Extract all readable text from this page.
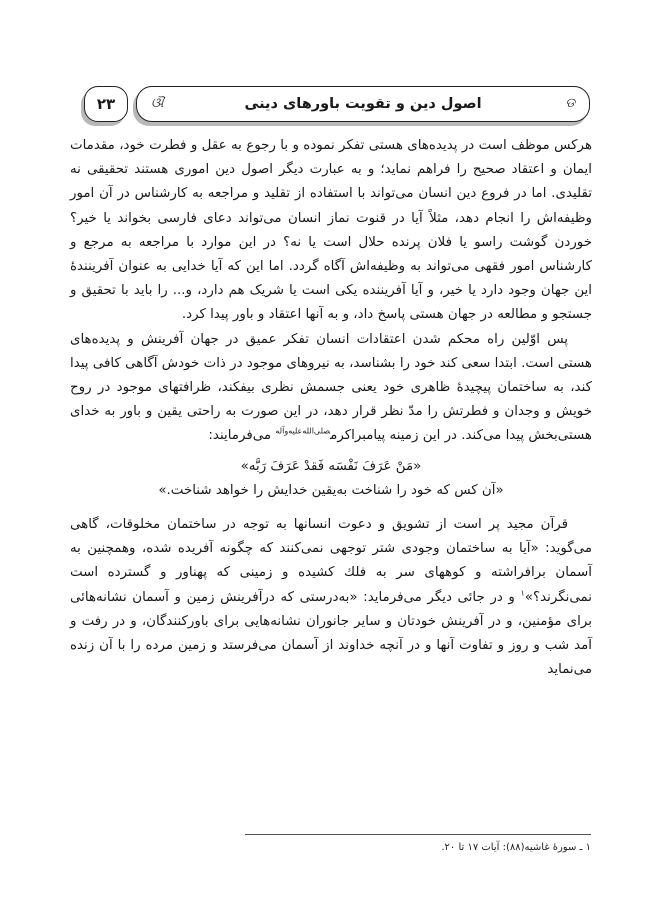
۲۳	ଔ	اصول دین و تقویت باورهای دینی	ଡ

هرکس موظف است در پدیده‌های هستی تفکر نموده و با رجوع به عقل و فطرت خود، مقدمات ایمان و اعتقاد صحیح را فراهم نماید؛ و به عبارت دیگر اصول دین اموری هستند تحقیقی نه تقلیدی. اما در فروع دین انسان می‌تواند با استفاده از تقلید و مراجعه به کارشناس در آن امور وظیفه‌اش را انجام دهد، مثلاً آیا در قنوت نماز انسان می‌تواند دعای فارسی بخواند یا خیر؟ خوردن گوشت راسو یا فلان پرنده حلال است یا نه؟ در این موارد با مراجعه به مرجع و کارشناس امور فقهی می‌تواند به وظیفه‌اش آگاه گردد. اما این که آیا خدایی به عنوان آفرینندهٔ این جهان وجود دارد یا خیر، و آیا آفریننده یکی است یا شریک هم دارد، و... را باید با تحقیق و جستجو و مطالعه در جهان هستی پاسخ داد، و به آنها اعتقاد و باور پیدا کرد.

پس اوّلین راه محکم شدن اعتقادات انسان تفکر عمیق در جهان آفرینش و پدیده‌های هستی است. ابتدا سعی کند خود را بشناسد، به نیروهای موجود در ذات خودش آگاهی کافی پیدا کند، به ساختمان پیچیدهٔ ظاهری خود یعنی جسمش نظری بیفکند، ظرافتهای موجود در روح خویش و وجدان و فطرتش را مدّ نظر قرار دهد، در این صورت به راحتی یقین و باور به خدای هستی‌بخش پیدا می‌کند. در این زمینه پیامبراکرم$^{صلی‌الله‌علیه‌وآله}$ می‌فرمایند:

«مَنْ عَرَفَ نَفْسَه فَقدْ عَرَفَ رَبَّه»

«آن کس که خود را شناخت به‌یقین خدایش را خواهد شناخت.»

قرآن مجید پر است از تشویق و دعوت انسانها به توجه در ساختمان مخلوقات، گاهی می‌گوید: «آیا به ساختمان وجودی شتر توجهی نمی‌کنند که چگونه آفریده شده، وهمچنین به آسمان برافراشته و کوههای سر به فلك کشیده و زمینی که پهناور و گسترده است نمی‌نگرند؟»$^۱$ و در جائی دیگر می‌فرماید: «به‌درستی که درآفرینش زمین و آسمان نشانه‌هائی برای مؤمنین، و در آفرینش خودتان و سایر جانوران نشانه‌هایی برای باورکنندگان، و در رفت و آمد شب و روز و تفاوت آنها و در آنچه خداوند از آسمان می‌فرستد و زمین مرده را با آن زنده می‌نماید

۱ ـ سورهٔ غاشیه(۸۸): آیات ۱۷ تا ۲۰.
